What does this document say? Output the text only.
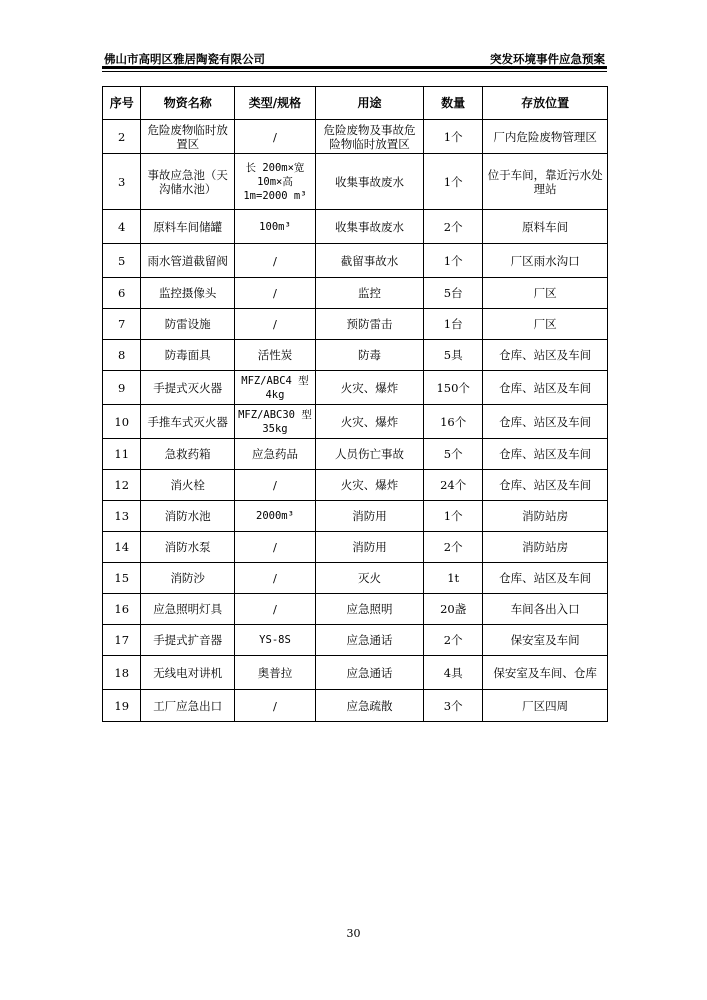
佛山市高明区雅居陶瓷有限公司	突发环境事件应急预案
序号	物资名称	类型/规格	用途	数量	存放位置
2	危险废物临时放置区	/	危险废物及事故危险物临时放置区	1个	厂内危险废物管理区
3	事故应急池（天沟储水池）	长 200m×宽 10m×高 1m=2000 m³	收集事故废水	1个	位于车间，靠近污水处理站
4	原料车间储罐	100m³	收集事故废水	2个	原料车间
5	雨水管道截留阀	/	截留事故水	1个	厂区雨水沟口
6	监控摄像头	/	监控	5台	厂区
7	防雷设施	/	预防雷击	1台	厂区
8	防毒面具	活性炭	防毒	5具	仓库、站区及车间
9	手提式灭火器	MFZ/ABC4 型 4kg	火灾、爆炸	150个	仓库、站区及车间
10	手推车式灭火器	MFZ/ABC30 型 35kg	火灾、爆炸	16个	仓库、站区及车间
11	急救药箱	应急药品	人员伤亡事故	5个	仓库、站区及车间
12	消火栓	/	火灾、爆炸	24个	仓库、站区及车间
13	消防水池	2000m³	消防用	1个	消防站房
14	消防水泵	/	消防用	2个	消防站房
15	消防沙	/	灭火	1t	仓库、站区及车间
16	应急照明灯具	/	应急照明	20盏	车间各出入口
17	手提式扩音器	YS-8S	应急通话	2个	保安室及车间
18	无线电对讲机	奥普拉	应急通话	4具	保安室及车间、仓库
19	工厂应急出口	/	应急疏散	3个	厂区四周
30
